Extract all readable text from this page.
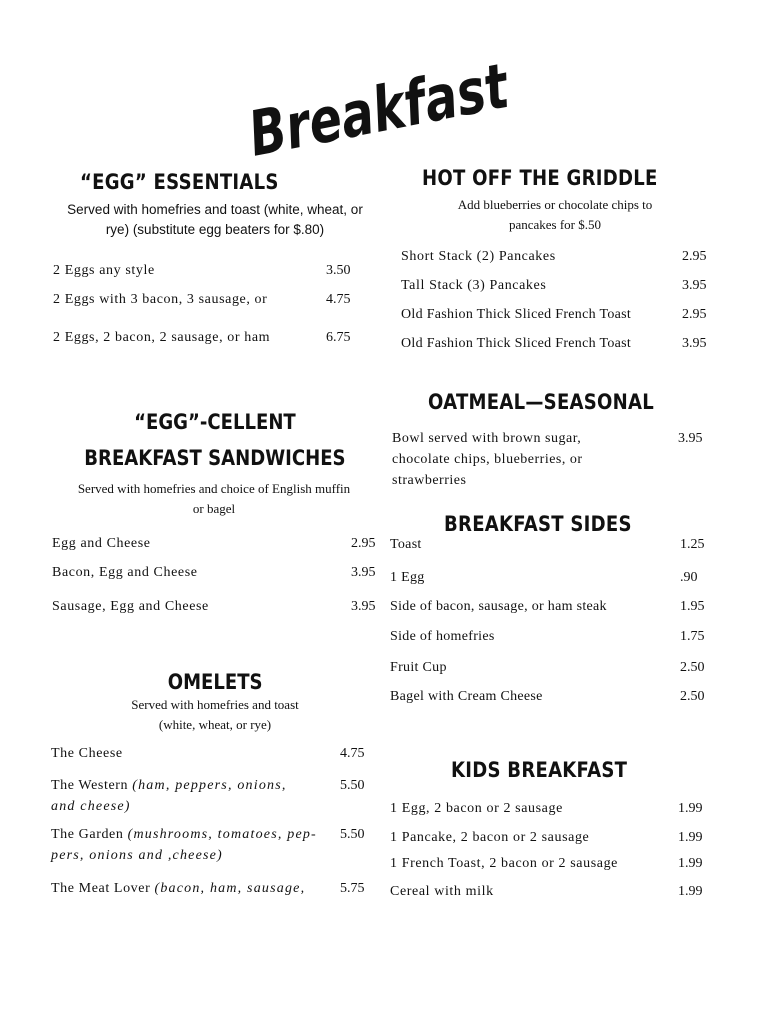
Breakfast
“EGG” ESSENTIALS
Served with homefries and toast (white, wheat, or
rye) (substitute egg beaters for $.80)
2 Eggs any style	3.50
2 Eggs with 3 bacon, 3 sausage, or	4.75
2 Eggs, 2 bacon, 2 sausage, or ham	6.75
HOT OFF THE GRIDDLE
Add blueberries or chocolate chips to
pancakes for $.50
Short Stack (2) Pancakes	2.95
Tall Stack (3) Pancakes	3.95
Old Fashion Thick Sliced French Toast	2.95
Old Fashion Thick Sliced French Toast	3.95
“EGG”-CELLENT
BREAKFAST SANDWICHES
Served with homefries and choice of English muffin
or bagel
Egg and Cheese	2.95
Bacon, Egg and Cheese	3.95
Sausage, Egg and Cheese	3.95
OATMEAL—SEASONAL
Bowl served with brown sugar,
chocolate chips, blueberries, or
strawberries
3.95
BREAKFAST SIDES
Toast	1.25
1 Egg	.90
Side of bacon, sausage, or ham steak	1.95
Side of homefries	1.75
Fruit Cup	2.50
Bagel with Cream Cheese	2.50
OMELETS
Served with homefries and toast
(white, wheat, or rye)
The Cheese	4.75
The Western (ham, peppers, onions,
and cheese)
5.50
The Garden (mushrooms, tomatoes, pep-
pers, onions and ,cheese)
5.50
The Meat Lover (bacon, ham, sausage, 5.75
KIDS BREAKFAST
1 Egg, 2 bacon or 2 sausage	1.99
1 Pancake, 2 bacon or 2 sausage	1.99
1 French Toast, 2 bacon or 2 sausage	1.99
Cereal with milk	1.99
